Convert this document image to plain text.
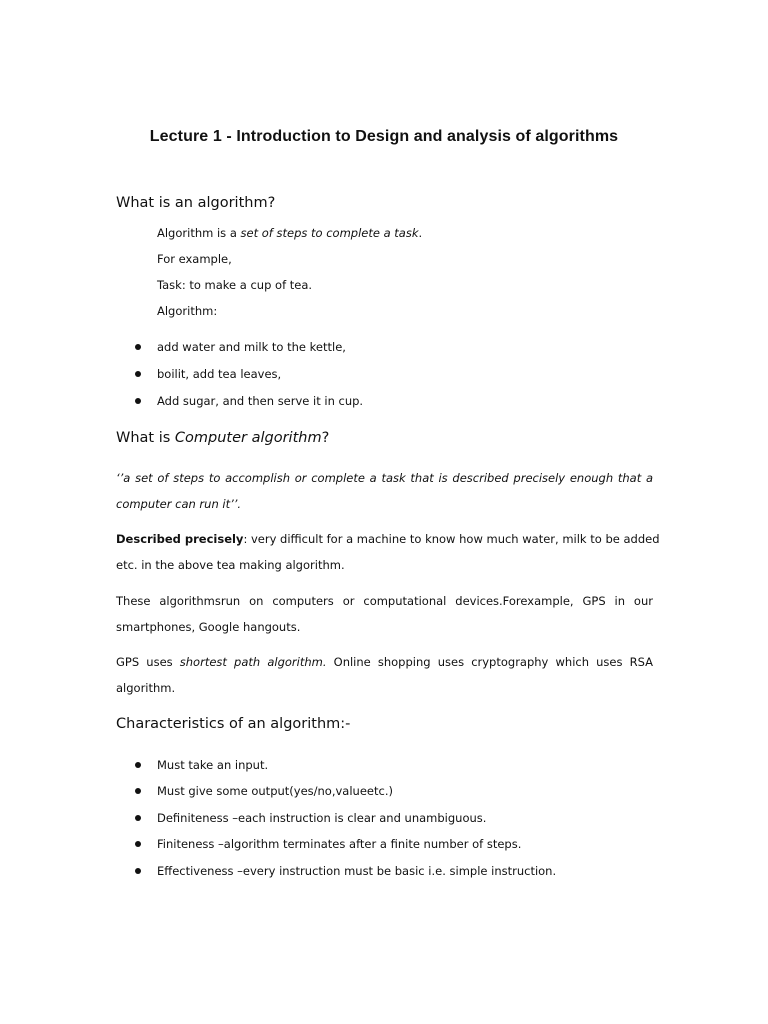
Lecture 1 - Introduction to Design and analysis of algorithms
What is an algorithm?
Algorithm is a set of steps to complete a task.
For example,
Task: to make a cup of tea.
Algorithm:
add water and milk to the kettle,
boilit, add tea leaves,
Add sugar, and then serve it in cup.
What is Computer algorithm?
‘’a set of steps to accomplish or complete a task that is described precisely enough that a
computer can run it’’.
Described precisely: very difficult for a machine to know how much water, milk to be added
etc. in the above tea making algorithm.
These algorithmsrun on computers or computational devices.Forexample, GPS in our
smartphones, Google hangouts.
GPS uses shortest path algorithm. Online shopping uses cryptography which uses RSA
algorithm.
Characteristics of an algorithm:-
Must take an input.
Must give some output(yes/no,valueetc.)
Definiteness –each instruction is clear and unambiguous.
Finiteness –algorithm terminates after a finite number of steps.
Effectiveness –every instruction must be basic i.e. simple instruction.
